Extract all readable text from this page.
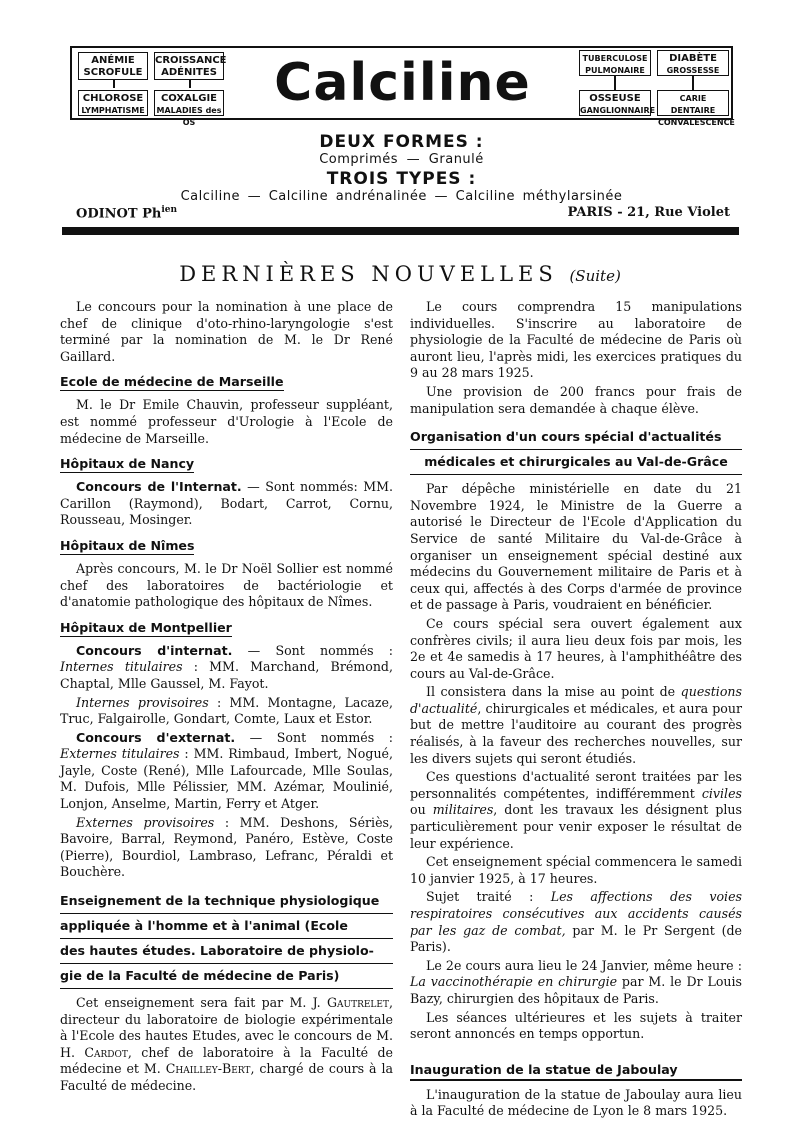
ANÉMIE
SCROFULE
CROISSANCE
ADÉNITES
CHLOROSE
LYMPHATISME
COXALGIE
MALADIES des OS
Calciline	TUBERCULOSE
PULMONAIRE
DIABÈTE
GROSSESSE
OSSEUSE
GANGLIONNAIRE
CARIE DENTAIRE
CONVALESCENCE
DEUX FORMES :
Comprimés — Granulé
TROIS TYPES :
Calciline — Calciline andrénalinée — Calciline méthylarsinée
ODINOT $Ph^{ien}$	PARIS - 21, Rue Violet
DERNIÈRES NOUVELLES (Suite)

Le concours pour la nomination à une place de chef de clinique d'oto-rhino-laryngologie s'est terminé par la nomination de M. le Dr René Gaillard.

Ecole de médecine de Marseille

M. le Dr Emile Chauvin, professeur suppléant, est nommé professeur d'Urologie à l'Ecole de médecine de Marseille.

Hôpitaux de Nancy

Concours de l'Internat. — Sont nommés: MM. Carillon (Raymond), Bodart, Carrot, Cornu, Rousseau, Mosinger.

Hôpitaux de Nîmes

Après concours, M. le Dr Noël Sollier est nommé chef des laboratoires de bactériologie et d'anatomie pathologique des hôpitaux de Nîmes.

Hôpitaux de Montpellier

Concours d'internat. — Sont nommés : Internes titulaires : MM. Marchand, Brémond, Chaptal, Mlle Gaussel, M. Fayot.

Internes provisoires : MM. Montagne, Lacaze, Truc, Falgairolle, Gondart, Comte, Laux et Estor.

Concours d'externat. — Sont nommés : Externes titulaires : MM. Rimbaud, Imbert, Nogué, Jayle, Coste (René), Mlle Lafourcade, Mlle Soulas, M. Dufois, Mlle Pélissier, MM. Azémar, Moulinié, Lonjon, Anselme, Martin, Ferry et Atger.

Externes provisoires : MM. Deshons, Sériès, Bavoire, Barral, Reymond, Panéro, Estève, Coste (Pierre), Bourdiol, Lambraso, Lefranc, Péraldi et Bouchère.

Enseignement de la technique physiologique
appliquée à l'homme et à l'animal (Ecole
des hautes études. Laboratoire de physiolo-
gie de la Faculté de médecine de Paris)

Cet enseignement sera fait par M. J. Gautrelet, directeur du laboratoire de biologie expérimentale à l'Ecole des hautes Etudes, avec le concours de M. H. Cardot, chef de laboratoire à la Faculté de médecine et M. Chailley-Bert, chargé de cours à la Faculté de médecine.

Le cours comprendra 15 manipulations individuelles. S'inscrire au laboratoire de physiologie de la Faculté de médecine de Paris où auront lieu, l'après midi, les exercices pratiques du 9 au 28 mars 1925.

Une provision de 200 francs pour frais de manipulation sera demandée à chaque élève.

Organisation d'un cours spécial d'actualités
médicales et chirurgicales au Val-de-Grâce

Par dépêche ministérielle en date du 21 Novembre 1924, le Ministre de la Guerre a autorisé le Directeur de l'Ecole d'Application du Service de santé Militaire du Val-de-Grâce à organiser un enseignement spécial destiné aux médecins du Gouvernement militaire de Paris et à ceux qui, affectés à des Corps d'armée de province et de passage à Paris, voudraient en bénéficier.

Ce cours spécial sera ouvert également aux confrères civils; il aura lieu deux fois par mois, les 2e et 4e samedis à 17 heures, à l'amphithéâtre des cours au Val-de-Grâce.

Il consistera dans la mise au point de questions d'actualité, chirurgicales et médicales, et aura pour but de mettre l'auditoire au courant des progrès réalisés, à la faveur des recherches nouvelles, sur les divers sujets qui seront étudiés.

Ces questions d'actualité seront traitées par les personnalités compétentes, indifféremment civiles ou militaires, dont les travaux les désignent plus particulièrement pour venir exposer le résultat de leur expérience.

Cet enseignement spécial commencera le samedi 10 janvier 1925, à 17 heures.

Sujet traité : Les affections des voies respiratoires consécutives aux accidents causés par les gaz de combat, par M. le Pr Sergent (de Paris).

Le 2e cours aura lieu le 24 Janvier, même heure : La vaccinothérapie en chirurgie par M. le Dr Louis Bazy, chirurgien des hôpitaux de Paris.

Les séances ultérieures et les sujets à traiter seront annoncés en temps opportun.

Inauguration de la statue de Jaboulay

L'inauguration de la statue de Jaboulay aura lieu à la Faculté de médecine de Lyon le 8 mars 1925.
